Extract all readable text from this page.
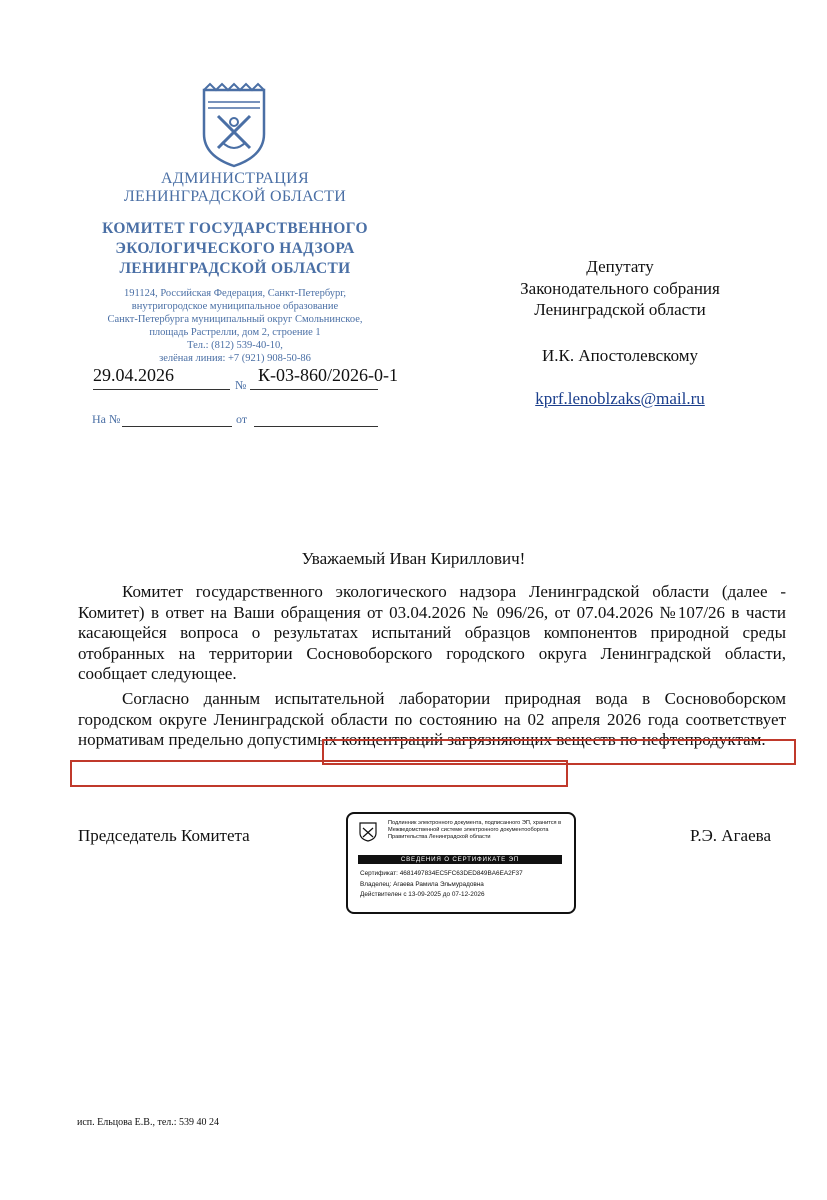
АДМИНИСТРАЦИЯ
ЛЕНИНГРАДСКОЙ ОБЛАСТИ
КОМИТЕТ ГОСУДАРСТВЕННОГО
ЭКОЛОГИЧЕСКОГО НАДЗОРА
ЛЕНИНГРАДСКОЙ ОБЛАСТИ
191124, Российская Федерация, Санкт-Петербург,
внутригородское муниципальное образование
Санкт-Петербурга муниципальный округ Смольнинское,
площадь Растрелли, дом 2, строение 1
Тел.: (812) 539-40-10,
зелёная линия: +7 (921) 908-50-86
29.04.2026	№ К-03-860/2026-0-1
На №	от
Депутату
Законодательного собрания
Ленинградской области
И.К. Апостолевскому
kprf.lenoblzaks@mail.ru
Уважаемый Иван Кириллович!
Комитет государственного экологического надзора Ленинградской области (далее - Комитет) в ответ на Ваши обращения от 03.04.2026 № 096/26, от 07.04.2026 №107/26 в части касающейся вопроса о результатах испытаний образцов компонентов природной среды отобранных на территории Сосновоборского городского округа Ленинградской области, сообщает следующее.
Согласно данным испытательной лаборатории природная вода в Сосновоборском городском округе Ленинградской области по состоянию на 02 апреля 2026 года соответствует нормативам предельно допустимых концентраций загрязняющих веществ по нефтепродуктам.
Председатель Комитета	Р.Э. Агаева
Подлинник электронного документа, подписанного ЭП, хранится в Межведомственной системе электронного документооборота Правительства Ленинградской области
СВЕДЕНИЯ О СЕРТИФИКАТЕ ЭП
Сертификат: 4681497834EC5FC63DED849BA6EA2F37
Владелец: Агаева Рамила Эльмурадовна
Действителен с 13-09-2025 до 07-12-2026
исп. Ельцова Е.В., тел.: 539 40 24
